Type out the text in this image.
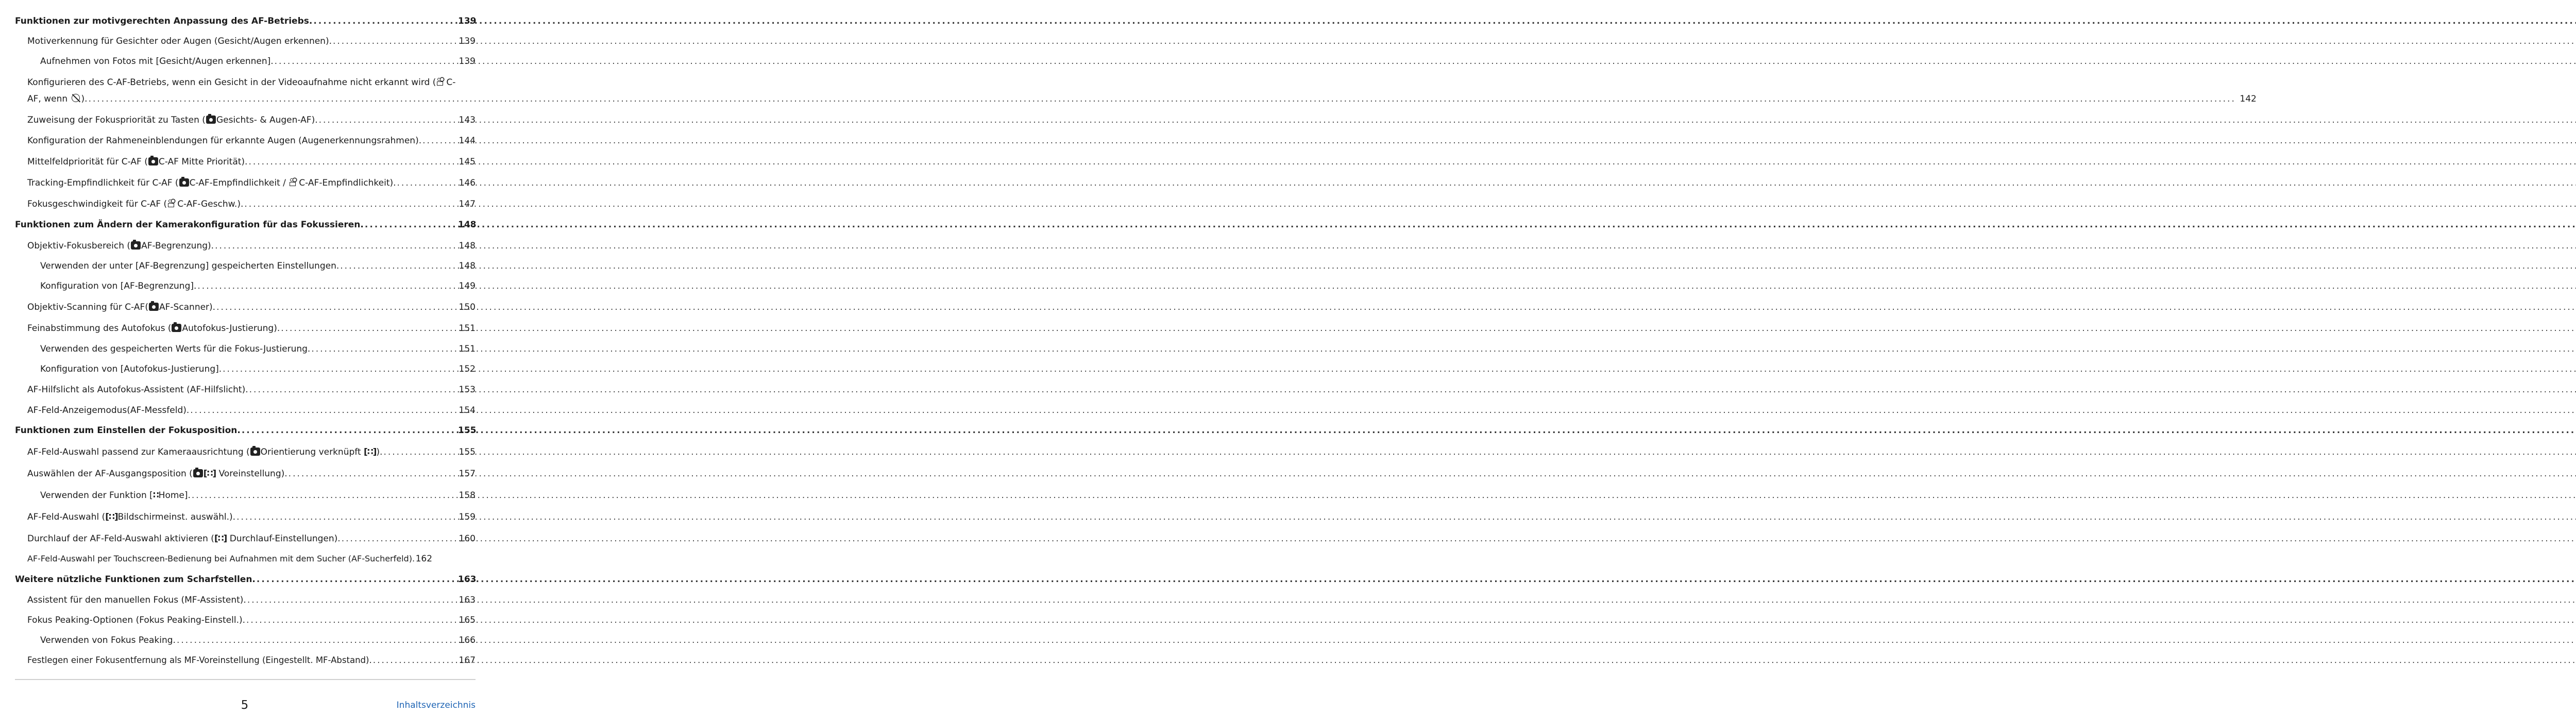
Funktionen zur motivgerechten Anpassung des AF-Betriebs. .....	139
Motiverkennung für Gesichter oder Augen (Gesicht/Augen erkennen). .....	139
Aufnehmen von Fotos mit [Gesicht/Augen erkennen]. .....	139
Konfigurieren des C-AF-Betriebs, wenn ein Gesicht in der Videoaufnahme nicht erkannt wird ( C-
AF, wenn ). .....	142
Zuweisung der Fokuspriorität zu Tasten ( Gesichts- & Augen-AF). .....	143
Konfiguration der Rahmeneinblendungen für erkannte Augen (Augenerkennungsrahmen). .....	144
Mittelfeldpriorität für C-AF ( C-AF Mitte Priorität). .....	145
Tracking-Empfindlichkeit für C-AF ( C-AF-Empfindlichkeit / C-AF-Empfindlichkeit). .....	146
Fokusgeschwindigkeit für C-AF ( C-AF-Geschw.). .....	147
Funktionen zum Ändern der Kamerakonfiguration für das Fokussieren. .....	148
Objektiv-Fokusbereich ( AF-Begrenzung). .....	148
Verwenden der unter [AF-Begrenzung] gespeicherten Einstellungen. .....	148
Konfiguration von [AF-Begrenzung]. .....	149
Objektiv-Scanning für C-AF( AF-Scanner). .....	150
Feinabstimmung des Autofokus ( Autofokus-Justierung). .....	151
Verwenden des gespeicherten Werts für die Fokus-Justierung. .....	151
Konfiguration von [Autofokus-Justierung]. .....	152
AF-Hilfslicht als Autofokus-Assistent (AF-Hilfslicht). .....	153
AF-Feld-Anzeigemodus(AF-Messfeld). .....	154
Funktionen zum Einstellen der Fokusposition. .....	155
AF-Feld-Auswahl passend zur Kameraausrichtung ( Orientierung verknüpft [∷]). .....	155
Auswählen der AF-Ausgangsposition ( [∷] Voreinstellung). .....	157
Verwenden der Funktion [∷Home]. .....	158
AF-Feld-Auswahl ([∷]Bildschirmeinst. auswähl.). .....	159
Durchlauf der AF-Feld-Auswahl aktivieren ([∷] Durchlauf-Einstellungen). .....	160
AF-Feld-Auswahl per Touchscreen-Bedienung bei Aufnahmen mit dem Sucher (AF-Sucherfeld). 162
Weitere nützliche Funktionen zum Scharfstellen. .....	163
Assistent für den manuellen Fokus (MF-Assistent). .....	163
Fokus Peaking-Optionen (Fokus Peaking-Einstell.). .....	165
Verwenden von Fokus Peaking. .....	166
Festlegen einer Fokusentfernung als MF-Voreinstellung (Eingestellt. MF-Abstand). .....	167
5	Inhaltsverzeichnis
